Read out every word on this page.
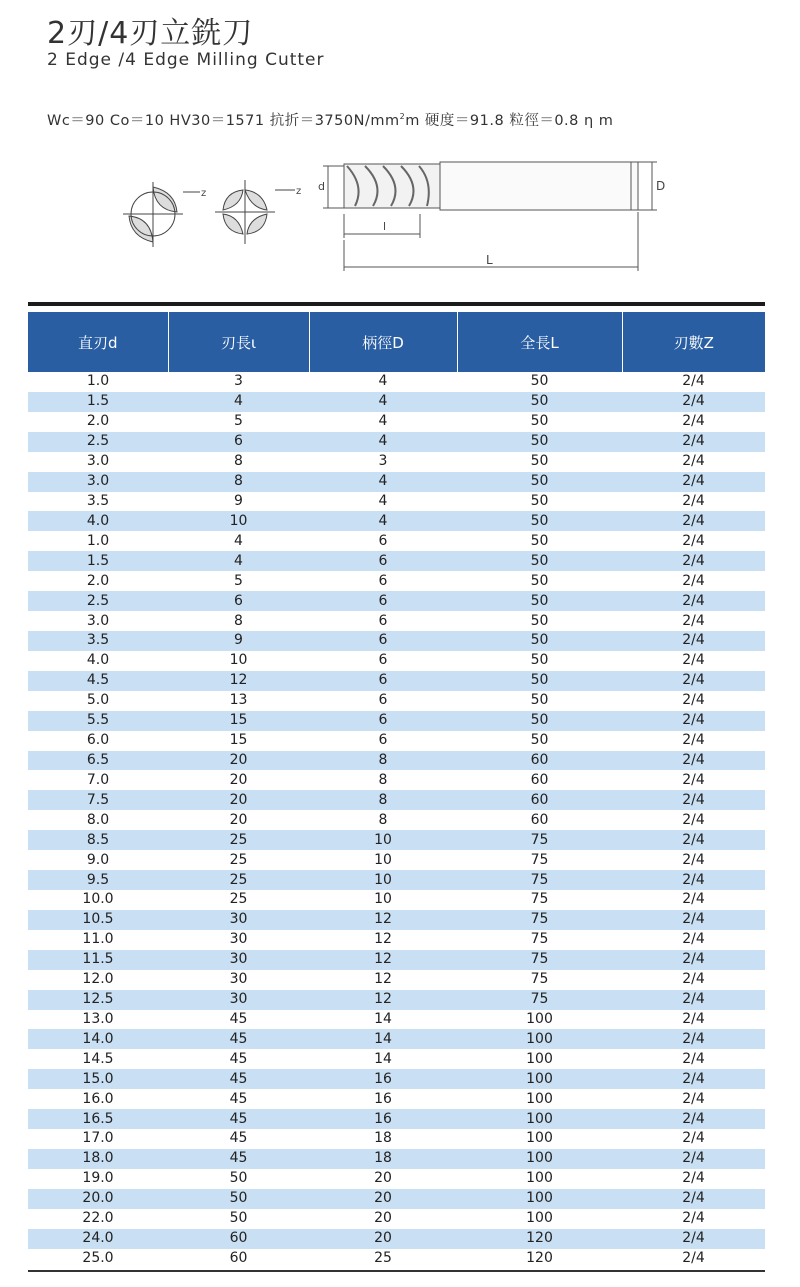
2刃/4刃立銑刀
2 Edge /4 Edge Milling Cutter
Wc＝90 Co＝10 HV30＝1571 抗折$=3750N/mm^2m$ 硬度＝91.8 粒徑＝0.8 η m
z	z d	D
l
L
直刃d	刃長ι	柄徑D	全長L	刃數Z
1.0	3	4	50	2/4
1.5	4	4	50	2/4
2.0	5	4	50	2/4
2.5	6	4	50	2/4
3.0	8	3	50	2/4
3.0	8	4	50	2/4
3.5	9	4	50	2/4
4.0	10	4	50	2/4
1.0	4	6	50	2/4
1.5	4	6	50	2/4
2.0	5	6	50	2/4
2.5	6	6	50	2/4
3.0	8	6	50	2/4
3.5	9	6	50	2/4
4.0	10	6	50	2/4
4.5	12	6	50	2/4
5.0	13	6	50	2/4
5.5	15	6	50	2/4
6.0	15	6	50	2/4
6.5	20	8	60	2/4
7.0	20	8	60	2/4
7.5	20	8	60	2/4
8.0	20	8	60	2/4
8.5	25	10	75	2/4
9.0	25	10	75	2/4
9.5	25	10	75	2/4
10.0	25	10	75	2/4
10.5	30	12	75	2/4
11.0	30	12	75	2/4
11.5	30	12	75	2/4
12.0	30	12	75	2/4
12.5	30	12	75	2/4
13.0	45	14	100	2/4
14.0	45	14	100	2/4
14.5	45	14	100	2/4
15.0	45	16	100	2/4
16.0	45	16	100	2/4
16.5	45	16	100	2/4
17.0	45	18	100	2/4
18.0	45	18	100	2/4
19.0	50	20	100	2/4
20.0	50	20	100	2/4
22.0	50	20	100	2/4
24.0	60	20	120	2/4
25.0	60	25	120	2/4
